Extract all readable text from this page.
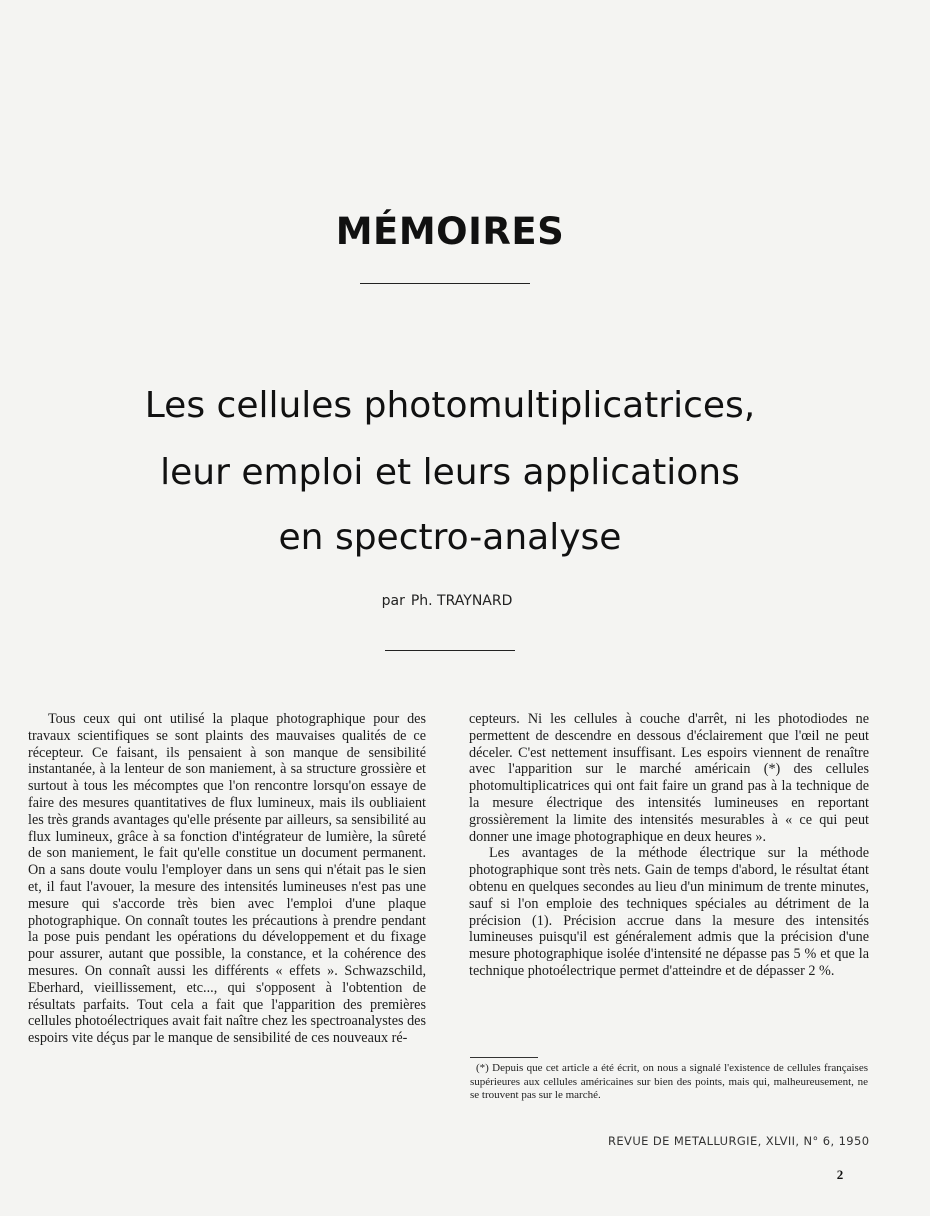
MÉMOIRES
Les cellules photomultiplicatrices,
leur emploi et leurs applications
en spectro-analyse
par Ph. TRAYNARD

Tous ceux qui ont utilisé la plaque photographique pour des travaux scientifiques se sont plaints des mauvaises qualités de ce récepteur. Ce faisant, ils pensaient à son manque de sensibilité instantanée, à la lenteur de son maniement, à sa structure grossière et surtout à tous les mécomptes que l'on rencontre lorsqu'on essaye de faire des mesures quantitatives de flux lumineux, mais ils oubliaient les très grands avantages qu'elle présente par ailleurs, sa sensibilité au flux lumineux, grâce à sa fonction d'intégrateur de lumière, la sûreté de son maniement, le fait qu'elle constitue un document permanent. On a sans doute voulu l'employer dans un sens qui n'était pas le sien et, il faut l'avouer, la mesure des intensités lumineuses n'est pas une mesure qui s'accorde très bien avec l'emploi d'une plaque photographique. On connaît toutes les précautions à prendre pendant la pose puis pendant les opérations du développement et du fixage pour assurer, autant que possible, la constance, et la cohérence des mesures. On connaît aussi les différents « effets ». Schwazschild, Eberhard, vieillissement, etc..., qui s'opposent à l'obtention de résultats parfaits. Tout cela a fait que l'apparition des premières cellules photoélectriques avait fait naître chez les spectroanalystes des espoirs vite déçus par le manque de sensibilité de ces nouveaux ré-

cepteurs. Ni les cellules à couche d'arrêt, ni les photodiodes ne permettent de descendre en dessous d'éclairement que l'œil ne peut déceler. C'est nettement insuffisant. Les espoirs viennent de renaître avec l'apparition sur le marché américain (*) des cellules photomultiplicatrices qui ont fait faire un grand pas à la technique de la mesure électrique des intensités lumineuses en reportant grossièrement la limite des intensités mesurables à « ce qui peut donner une image photographique en deux heures ».

Les avantages de la méthode électrique sur la méthode photographique sont très nets. Gain de temps d'abord, le résultat étant obtenu en quelques secondes au lieu d'un minimum de trente minutes, sauf si l'on emploie des techniques spéciales au détriment de la précision (1). Précision accrue dans la mesure des intensités lumineuses puisqu'il est généralement admis que la précision d'une mesure photographique isolée d'intensité ne dépasse pas 5 % et que la technique photoélectrique permet d'atteindre et de dépasser 2 %.

(*) Depuis que cet article a été écrit, on nous a signalé l'existence de cellules françaises supérieures aux cellules américaines sur bien des points, mais qui, malheureusement, ne se trouvent pas sur le marché.
REVUE DE METALLURGIE, XLVII, N° 6, 1950
2
